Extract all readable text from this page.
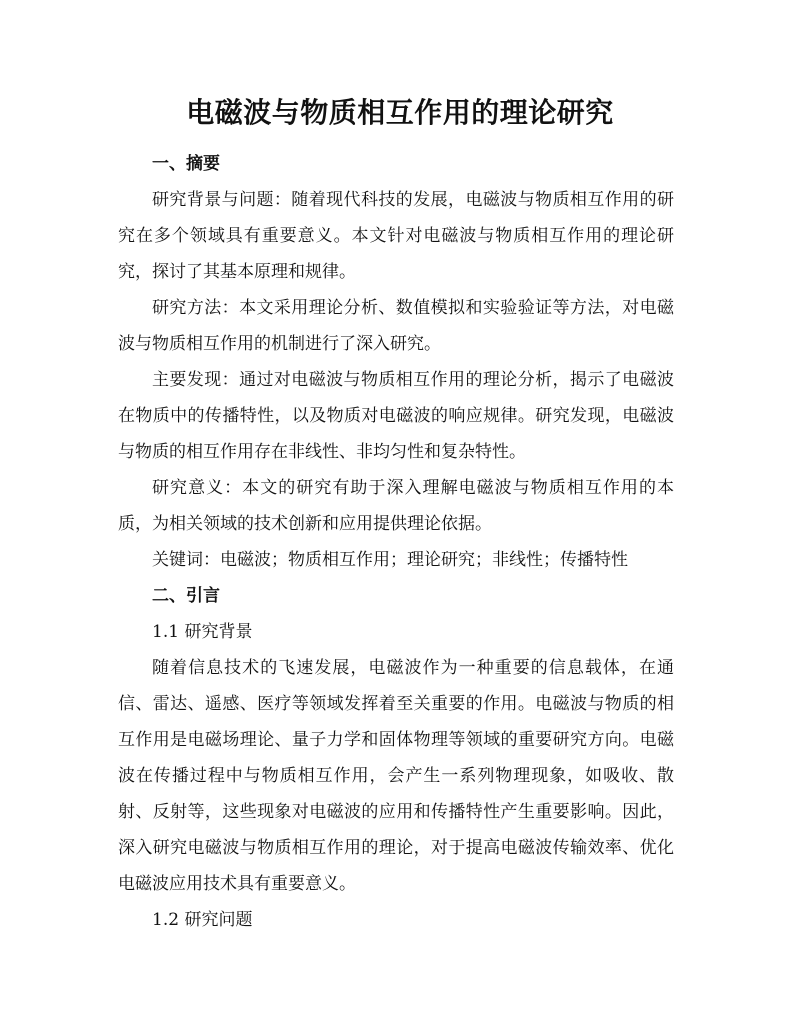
电磁波与物质相互作用的理论研究

一、摘要

研究背景与问题：随着现代科技的发展，电磁波与物质相互作用的研究在多个领域具有重要意义。本文针对电磁波与物质相互作用的理论研究，探讨了其基本原理和规律。

研究方法：本文采用理论分析、数值模拟和实验验证等方法，对电磁波与物质相互作用的机制进行了深入研究。

主要发现：通过对电磁波与物质相互作用的理论分析，揭示了电磁波在物质中的传播特性，以及物质对电磁波的响应规律。研究发现，电磁波与物质的相互作用存在非线性、非均匀性和复杂特性。

研究意义：本文的研究有助于深入理解电磁波与物质相互作用的本质，为相关领域的技术创新和应用提供理论依据。

关键词：电磁波；物质相互作用；理论研究；非线性；传播特性

二、引言

1.1 研究背景

随着信息技术的飞速发展，电磁波作为一种重要的信息载体，在通信、雷达、遥感、医疗等领域发挥着至关重要的作用。电磁波与物质的相互作用是电磁场理论、量子力学和固体物理等领域的重要研究方向。电磁波在传播过程中与物质相互作用，会产生一系列物理现象，如吸收、散射、反射等，这些现象对电磁波的应用和传播特性产生重要影响。因此，深入研究电磁波与物质相互作用的理论，对于提高电磁波传输效率、优化电磁波应用技术具有重要意义。

1.2 研究问题
